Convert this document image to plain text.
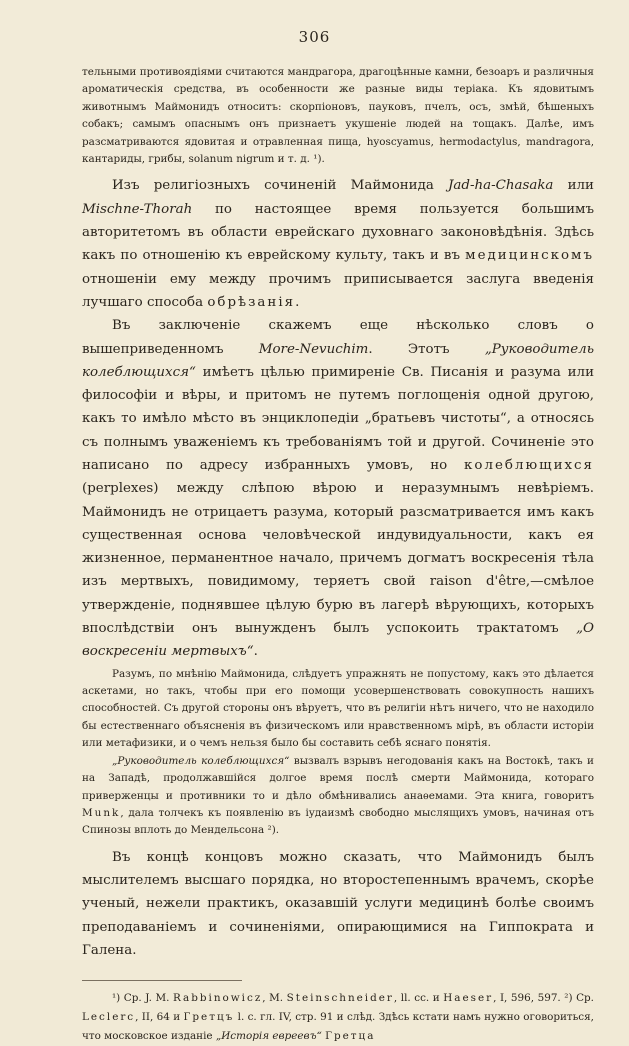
306

тельными противоядіями считаются мандрагора, драгоцѣнные камни, безоаръ и различныя ароматическія средства, въ особенности же разные виды теріака. Къ ядовитымъ животнымъ Маймонидъ относитъ: скорпіоновъ, пауковъ, пчелъ, осъ, змѣй, бѣшеныхъ собакъ; самымъ опаснымъ онъ признаетъ укушеніе людей на тощакъ. Далѣе, имъ разсматриваются ядовитая и отравленная пища, hyoscyamus, hermodactylus, mandragora, кантариды, грибы, solanum nigrum и т. д. ¹).

Изъ религіозныхъ сочиненій Маймонида Jad-ha-Chasaka или Mischne-Thorah по настоящее время пользуется большимъ авторитетомъ въ области еврейскаго духовнаго законовѣдѣнія. Здѣсь какъ по отношенію къ еврейскому культу, такъ и въ медицинскомъ отношеніи ему между прочимъ приписывается заслуга введенія лучшаго способа обрѣзанія.

Въ заключеніе скажемъ еще нѣсколько словъ о вышеприведенномъ More-Nevuchim. Этотъ „Руководитель колеблющихся“ имѣетъ цѣлью примиреніе Св. Писанія и разума или философіи и вѣры, и притомъ не путемъ поглощенія одной другою, какъ то имѣло мѣсто въ энциклопедіи „братьевъ чистоты“, а относясь съ полнымъ уваженіемъ къ требованіямъ той и другой. Сочиненіе это написано по адресу избранныхъ умовъ, но колеблющихся (perplexes) между слѣпою вѣрою и неразумнымъ невѣріемъ. Маймонидъ не отрицаетъ разума, который разсматривается имъ какъ существенная основа человѣческой индувидуальности, какъ ея жизненное, перманентное начало, причемъ догматъ воскресенія тѣла изъ мертвыхъ, повидимому, теряетъ свой raison d'être,—смѣлое утвержденіе, поднявшее цѣлую бурю въ лагерѣ вѣрующихъ, которыхъ впослѣдствіи онъ вынужденъ былъ успокоить трактатомъ „О воскресеніи мертвыхъ“.

Разумъ, по мнѣнію Маймонида, слѣдуетъ упражнять не попустому, какъ это дѣлается аскетами, но такъ, чтобы при его помощи усовершенствовать совокупность нашихъ способностей. Съ другой стороны онъ вѣруетъ, что въ религіи нѣтъ ничего, что не находило бы естественнаго объясненія въ физическомъ или нравственномъ мірѣ, въ области исторіи или метафизики, и о чемъ нельзя было бы составить себѣ яснаго понятія.

„Руководитель колеблющихся“ вызвалъ взрывъ негодованія какъ на Востокѣ, такъ и на Западѣ, продолжавшійся долгое время послѣ смерти Маймонида, котораго приверженцы и противники то и дѣло обмѣнивались анаѳемами. Эта книга, говоритъ Munk, дала толчекъ къ появленію въ іудаизмѣ свободно мыслящихъ умовъ, начиная отъ Спинозы вплоть до Мендельсона ²).

Въ концѣ концовъ можно сказать, что Маймонидъ былъ мыслителемъ высшаго порядка, но второстепеннымъ врачемъ, скорѣе ученый, нежели практикъ, оказавшій услуги медицинѣ болѣе своимъ преподаваніемъ и сочиненіями, опирающимися на Гиппократа и Галена.

¹) Cp. J. M. Rabbinowicz, M. Steinschneider, ll. cc. и Haeser, I, 596, 597. ²) Cp. Leclerc, II, 64 и Гретцъ l. c. гл. IV, стр. 91 и слѣд. Здѣсь кстати намъ нужно оговориться, что московское изданіе „Исторія евреевъ“ Гретца
